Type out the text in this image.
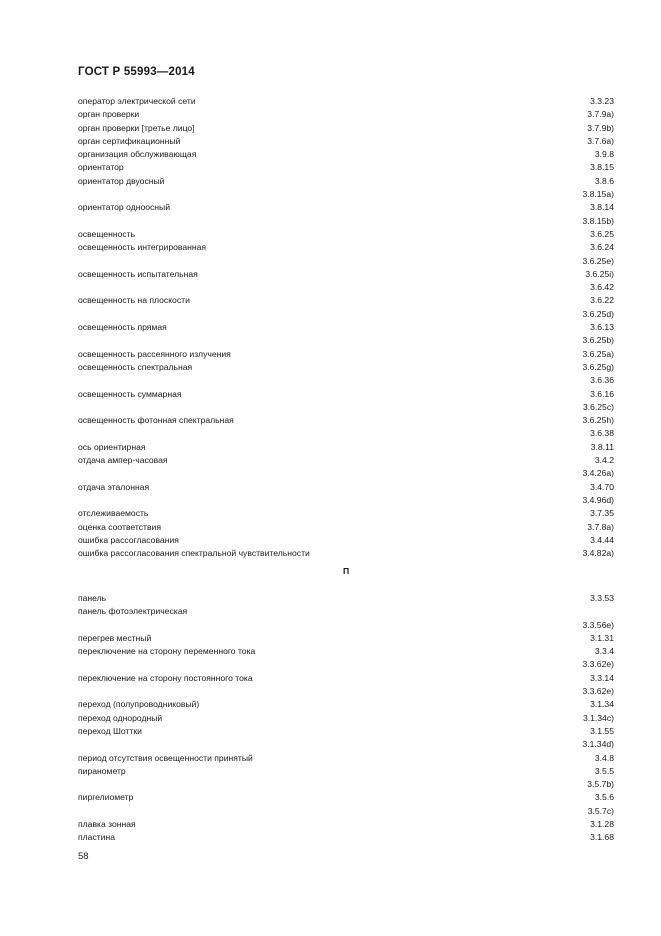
ГОСТ Р 55993—2014
оператор электрической сети	3.3.23
орган проверки	3.7.9a)
орган проверки [третье лицо]	3.7.9b)
орган сертификационный	3.7.6a)
организация обслуживающая	3.9.8
ориентатор	3.8.15
ориентатор двуосный	3.8.6
3.8.15a)
ориентатор одноосный	3.8.14
3.8.15b)
освещенность	3.6.25
освещенность интегрированная	3.6.24
3.6.25e)
освещенность испытательная	3.6.25i)
3.6.42
освещенность на плоскости	3.6.22
3.6.25d)
освещенность прямая	3.6.13
3.6.25b)
освещенность рассеянного излучения	3.6.25a)
освещенность спектральная	3.6.25g)
3.6.36
освещенность суммарная	3.6.16
3.6.25c)
освещенность фотонная спектральная	3.6.25h)
3.6.38
ось ориентирная	3.8.11
отдача ампер-часовая	3.4.2
3.4.26a)
отдача эталонная	3.4.70
3.4.96d)
отслеживаемость	3.7.35
оценка соответствия	3.7.8a)
ошибка рассогласования	3.4.44
ошибка рассогласования спектральной чувствительности	3.4.82a)
П
панель	3.3.53
панель фотоэлектрическая
3.3.56e)
перегрев местный	3.1.31
переключение на сторону переменного тока	3.3.4
3.3.62e)
переключение на сторону постоянного тока	3.3.14
3.3.62e)
переход (полупроводниковый)	3.1.34
переход однородный	3.1.34c)
переход Шоттки	3.1.55
3.1.34d)
период отсутствия освещенности принятый	3.4.8
пиранометр	3.5.5
3.5.7b)
пиргелиометр	3.5.6
3.5.7c)
плавка зонная	3.1.28
пластина	3.1.68
58
